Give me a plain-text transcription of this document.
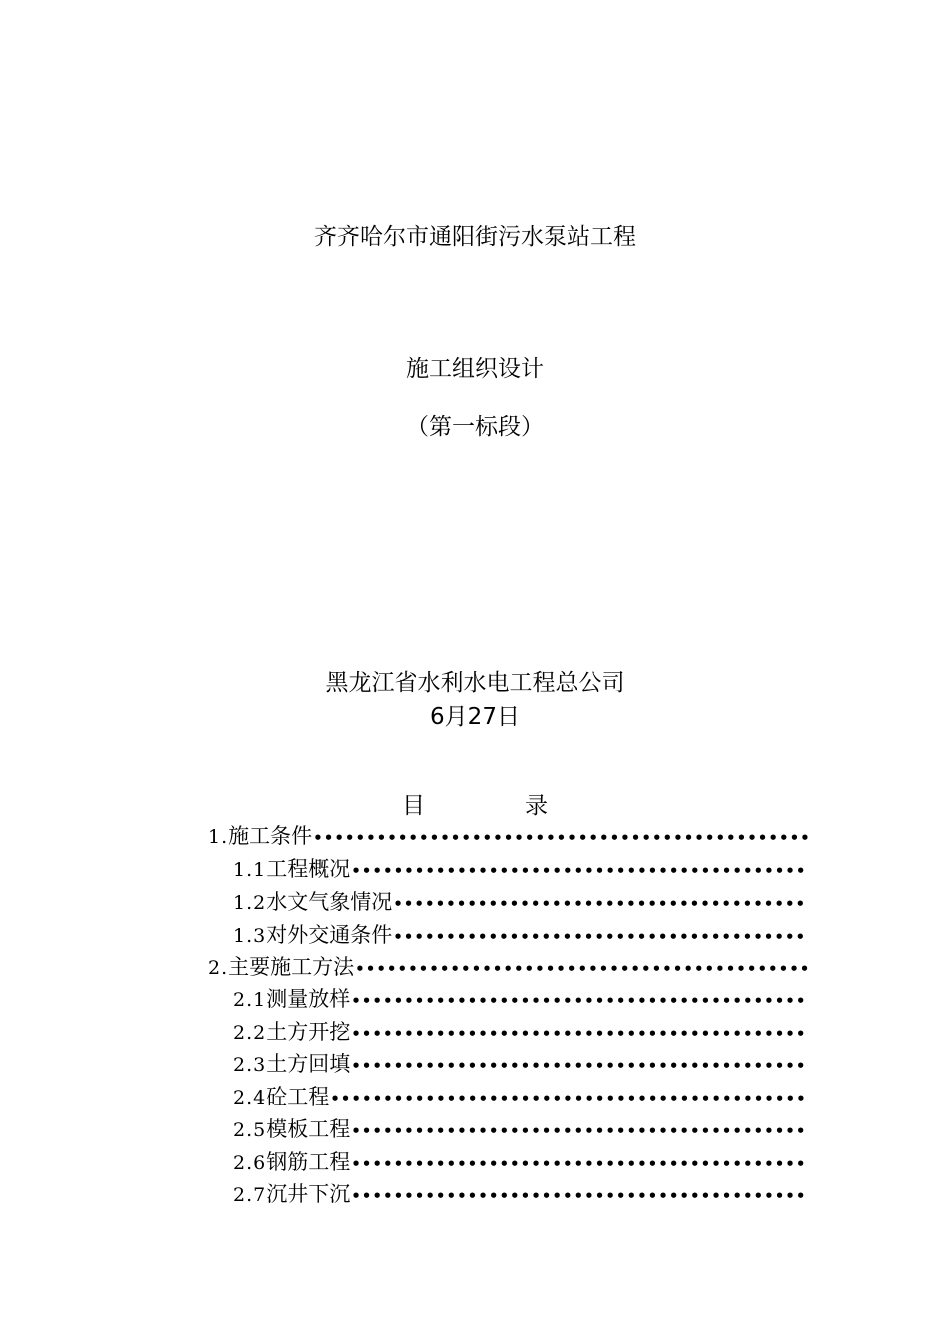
齐齐哈尔市通阳街污水泵站工程
施工组织设计
（第一标段）
黑龙江省水利水电工程总公司
6月27日
目	录
1. 施工条件
•••••
1.1 工程概况
•••••
1.2 水文气象情况
•••••
1.3 对外交通条件
•••••
2. 主要施工方法
•••••
2.1 测量放样
•••••
2.2 土方开挖
•••••
2.3 土方回填
•••••
2.4 砼工程
•••••
2.5 模板工程
•••••
2.6 钢筋工程
•••••
2.7 沉井下沉
•••••
